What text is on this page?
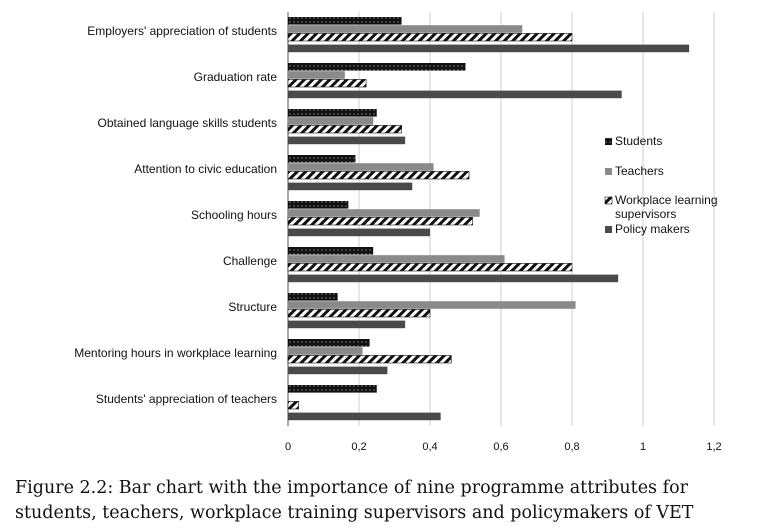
Employers' appreciation of students
Graduation rate
Obtained language skills students
Attention to civic education
Schooling hours
Challenge
Structure
Mentoring hours in workplace learning
Students' appreciation of teachers
0	0,2	0,4	0,6	0,8	1	1,2
Students
Teachers
Workplace learning
supervisors
Policy makers
Figure 2.2: Bar chart with the importance of nine programme attributes for
students, teachers, workplace training supervisors and policymakers of VET
